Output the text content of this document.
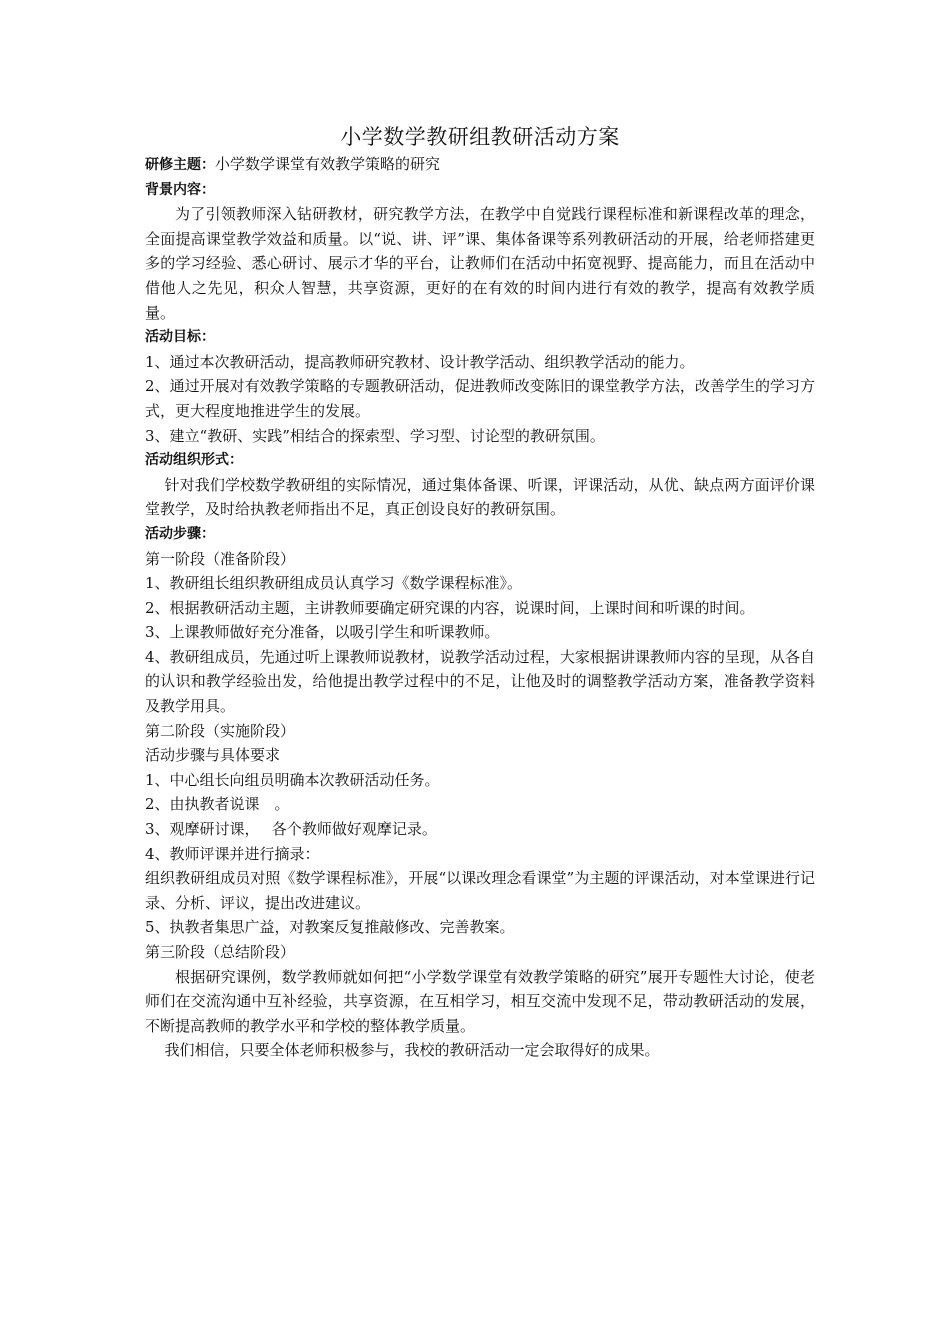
小学数学教研组教研活动方案

研修主题：小学数学课堂有效教学策略的研究

背景内容：

为了引领教师深入钻研教材，研究教学方法，在教学中自觉践行课程标准和新课程改革的理念，全面提高课堂教学效益和质量。以“说、讲、评”课、集体备课等系列教研活动的开展，给老师搭建更多的学习经验、悉心研讨、展示才华的平台，让教师们在活动中拓宽视野、提高能力，而且在活动中借他人之先见，积众人智慧，共享资源，更好的在有效的时间内进行有效的教学，提高有效教学质量。

活动目标：

1、通过本次教研活动，提高教师研究教材、设计教学活动、组织教学活动的能力。

2、通过开展对有效教学策略的专题教研活动，促进教师改变陈旧的课堂教学方法，改善学生的学习方式，更大程度地推进学生的发展。

3、建立“教研、实践”相结合的探索型、学习型、讨论型的教研氛围。

活动组织形式：

针对我们学校数学教研组的实际情况，通过集体备课、听课，评课活动，从优、缺点两方面评价课堂教学，及时给执教老师指出不足，真正创设良好的教研氛围。

活动步骤：

第一阶段（准备阶段）

1、教研组长组织教研组成员认真学习《数学课程标准》。

2、根据教研活动主题，主讲教师要确定研究课的内容，说课时间，上课时间和听课的时间。

3、上课教师做好充分准备，以吸引学生和听课教师。

4、教研组成员，先通过听上课教师说教材，说教学活动过程，大家根据讲课教师内容的呈现，从各自的认识和教学经验出发，给他提出教学过程中的不足，让他及时的调整教学活动方案，准备教学资料及教学用具。

第二阶段（实施阶段）

活动步骤与具体要求

1、中心组长向组员明确本次教研活动任务。

2、由执教者说课　。

3、观摩研讨课，　 各个教师做好观摩记录。

4、教师评课并进行摘录：

组织教研组成员对照《数学课程标准》，开展“以课改理念看课堂”为主题的评课活动，对本堂课进行记录、分析、评议，提出改进建议。

5、执教者集思广益，对教案反复推敲修改、完善教案。

第三阶段（总结阶段）

根据研究课例，数学教师就如何把“小学数学课堂有效教学策略的研究”展开专题性大讨论，使老师们在交流沟通中互补经验，共享资源，在互相学习，相互交流中发现不足，带动教研活动的发展，不断提高教师的教学水平和学校的整体教学质量。

我们相信，只要全体老师积极参与，我校的教研活动一定会取得好的成果。
